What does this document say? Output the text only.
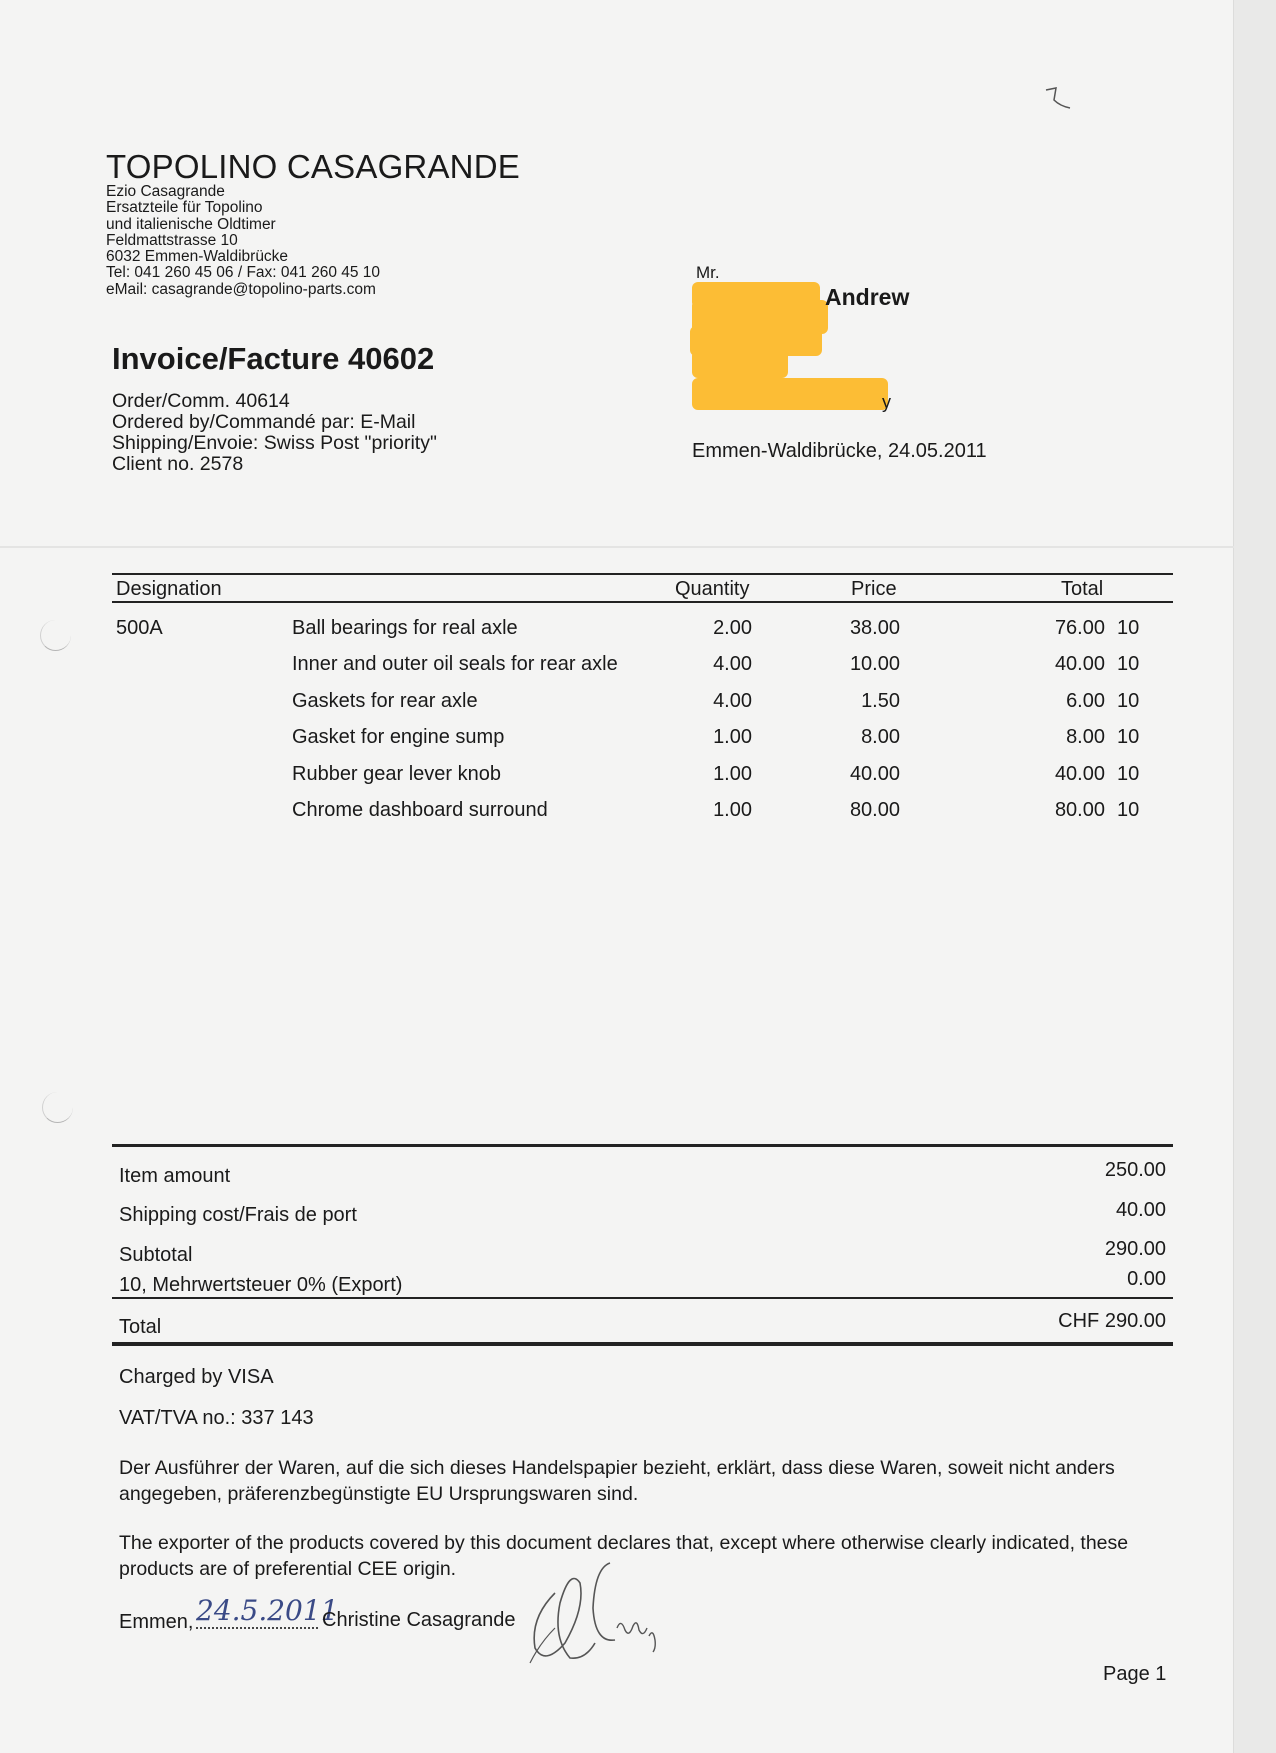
TOPOLINO CASAGRANDE
Ezio Casagrande
Ersatzteile für Topolino
und italienische Oldtimer
Feldmattstrasse 10
6032 Emmen-Waldibrücke
Tel: 041 260 45 06 / Fax: 041 260 45 10
eMail: casagrande@topolino-parts.com
Mr.
Andrew
y
Invoice/Facture 40602
Order/Comm. 40614
Ordered by/Commandé par: E-Mail
Shipping/Envoie: Swiss Post "priority"
Client no. 2578
Emmen-Waldibrücke, 24.05.2011
Designation	Quantity	Price	Total
500A	Ball bearings for real axle	2.00	38.00	76.00 10
Inner and outer oil seals for rear axle	4.00	10.00	40.00 10
Gaskets for rear axle	4.00	1.50	6.00 10
Gasket for engine sump	1.00	8.00	8.00 10
Rubber gear lever knob	1.00	40.00	40.00 10
Chrome dashboard surround	1.00	80.00	80.00 10
Item amount	250.00
Shipping cost/Frais de port	40.00
Subtotal	290.00
10, Mehrwertsteuer 0% (Export)	0.00
Total	CHF 290.00
Charged by VISA
VAT/TVA no.: 337 143
Der Ausführer der Waren, auf die sich dieses Handelspapier bezieht, erklärt, dass diese Waren, soweit nicht anders angegeben, präferenzbegünstigte EU Ursprungswaren sind.
The exporter of the products covered by this document declares that, except where otherwise clearly indicated, these products are of preferential CEE origin.
Emmen, 24.5.2011
Christine Casagrande
Page 1
